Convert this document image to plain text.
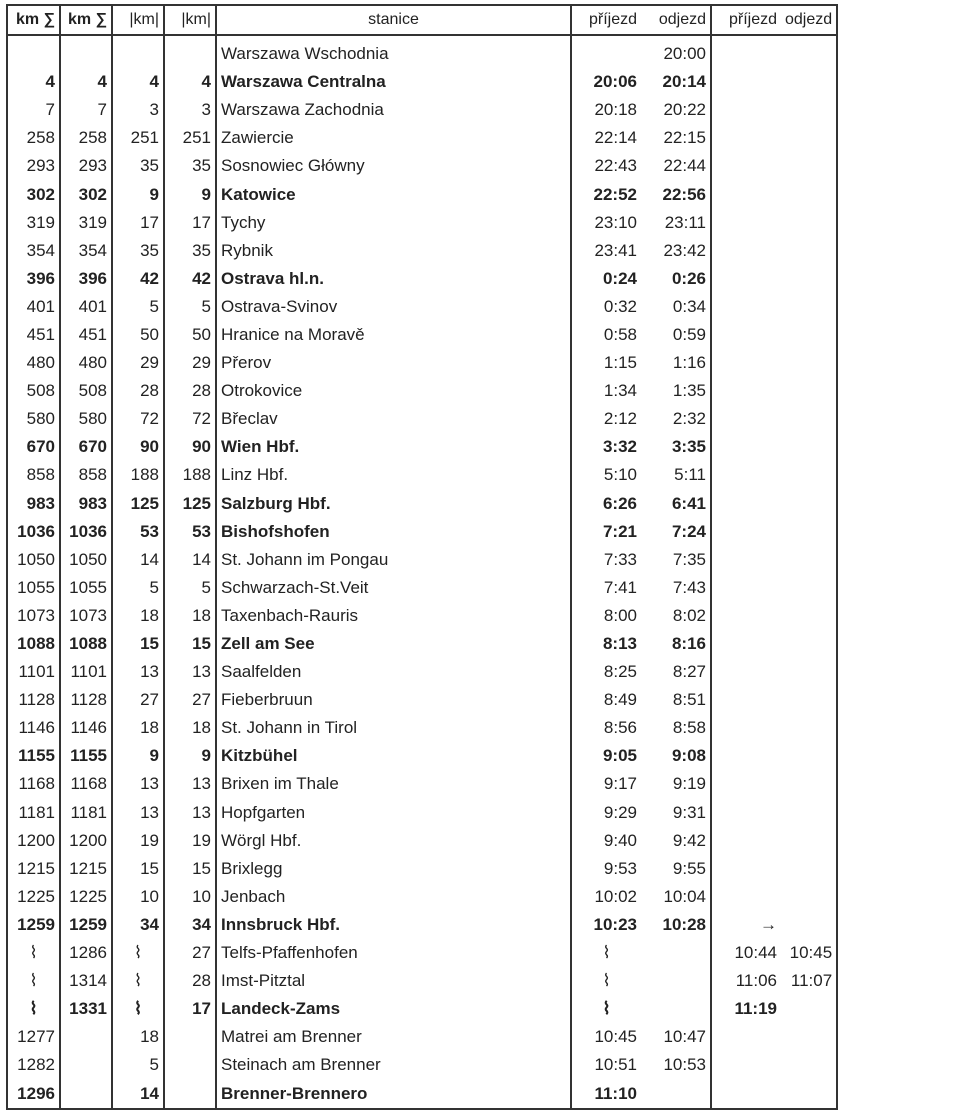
km ∑	km ∑	|km|	|km|	stanice	příjezd	odjezd	příjezd	odjezd
				Warszawa Wschodnia		20:00		
4	4	4	4	Warszawa Centralna	20:06	20:14		
7	7	3	3	Warszawa Zachodnia	20:18	20:22		
258	258	251	251	Zawiercie	22:14	22:15		
293	293	35	35	Sosnowiec Główny	22:43	22:44		
302	302	9	9	Katowice	22:52	22:56		
319	319	17	17	Tychy	23:10	23:11		
354	354	35	35	Rybnik	23:41	23:42		
396	396	42	42	Ostrava hl.n.	0:24	0:26		
401	401	5	5	Ostrava-Svinov	0:32	0:34		
451	451	50	50	Hranice na Moravě	0:58	0:59		
480	480	29	29	Přerov	1:15	1:16		
508	508	28	28	Otrokovice	1:34	1:35		
580	580	72	72	Břeclav	2:12	2:32		
670	670	90	90	Wien Hbf.	3:32	3:35		
858	858	188	188	Linz Hbf.	5:10	5:11		
983	983	125	125	Salzburg Hbf.	6:26	6:41		
1036	1036	53	53	Bishofshofen	7:21	7:24		
1050	1050	14	14	St. Johann im Pongau	7:33	7:35		
1055	1055	5	5	Schwarzach-St.Veit	7:41	7:43		
1073	1073	18	18	Taxenbach-Rauris	8:00	8:02		
1088	1088	15	15	Zell am See	8:13	8:16		
1101	1101	13	13	Saalfelden	8:25	8:27		
1128	1128	27	27	Fieberbruun	8:49	8:51		
1146	1146	18	18	St. Johann in Tirol	8:56	8:58		
1155	1155	9	9	Kitzbühel	9:05	9:08		
1168	1168	13	13	Brixen im Thale	9:17	9:19		
1181	1181	13	13	Hopfgarten	9:29	9:31		
1200	1200	19	19	Wörgl Hbf.	9:40	9:42		
1215	1215	15	15	Brixlegg	9:53	9:55		
1225	1225	10	10	Jenbach	10:02	10:04		
1259	1259	34	34	Innsbruck Hbf.	10:23	10:28	→	
⌇	1286	⌇	27	Telfs-Pfaffenhofen	⌇		10:44	10:45
⌇	1314	⌇	28	Imst-Pitztal	⌇		11:06	11:07
⌇	1331	⌇	17	Landeck-Zams	⌇		11:19	
1277		18		Matrei am Brenner	10:45	10:47		
1282		5		Steinach am Brenner	10:51	10:53		
1296		14		Brenner-Brennero	11:10			
